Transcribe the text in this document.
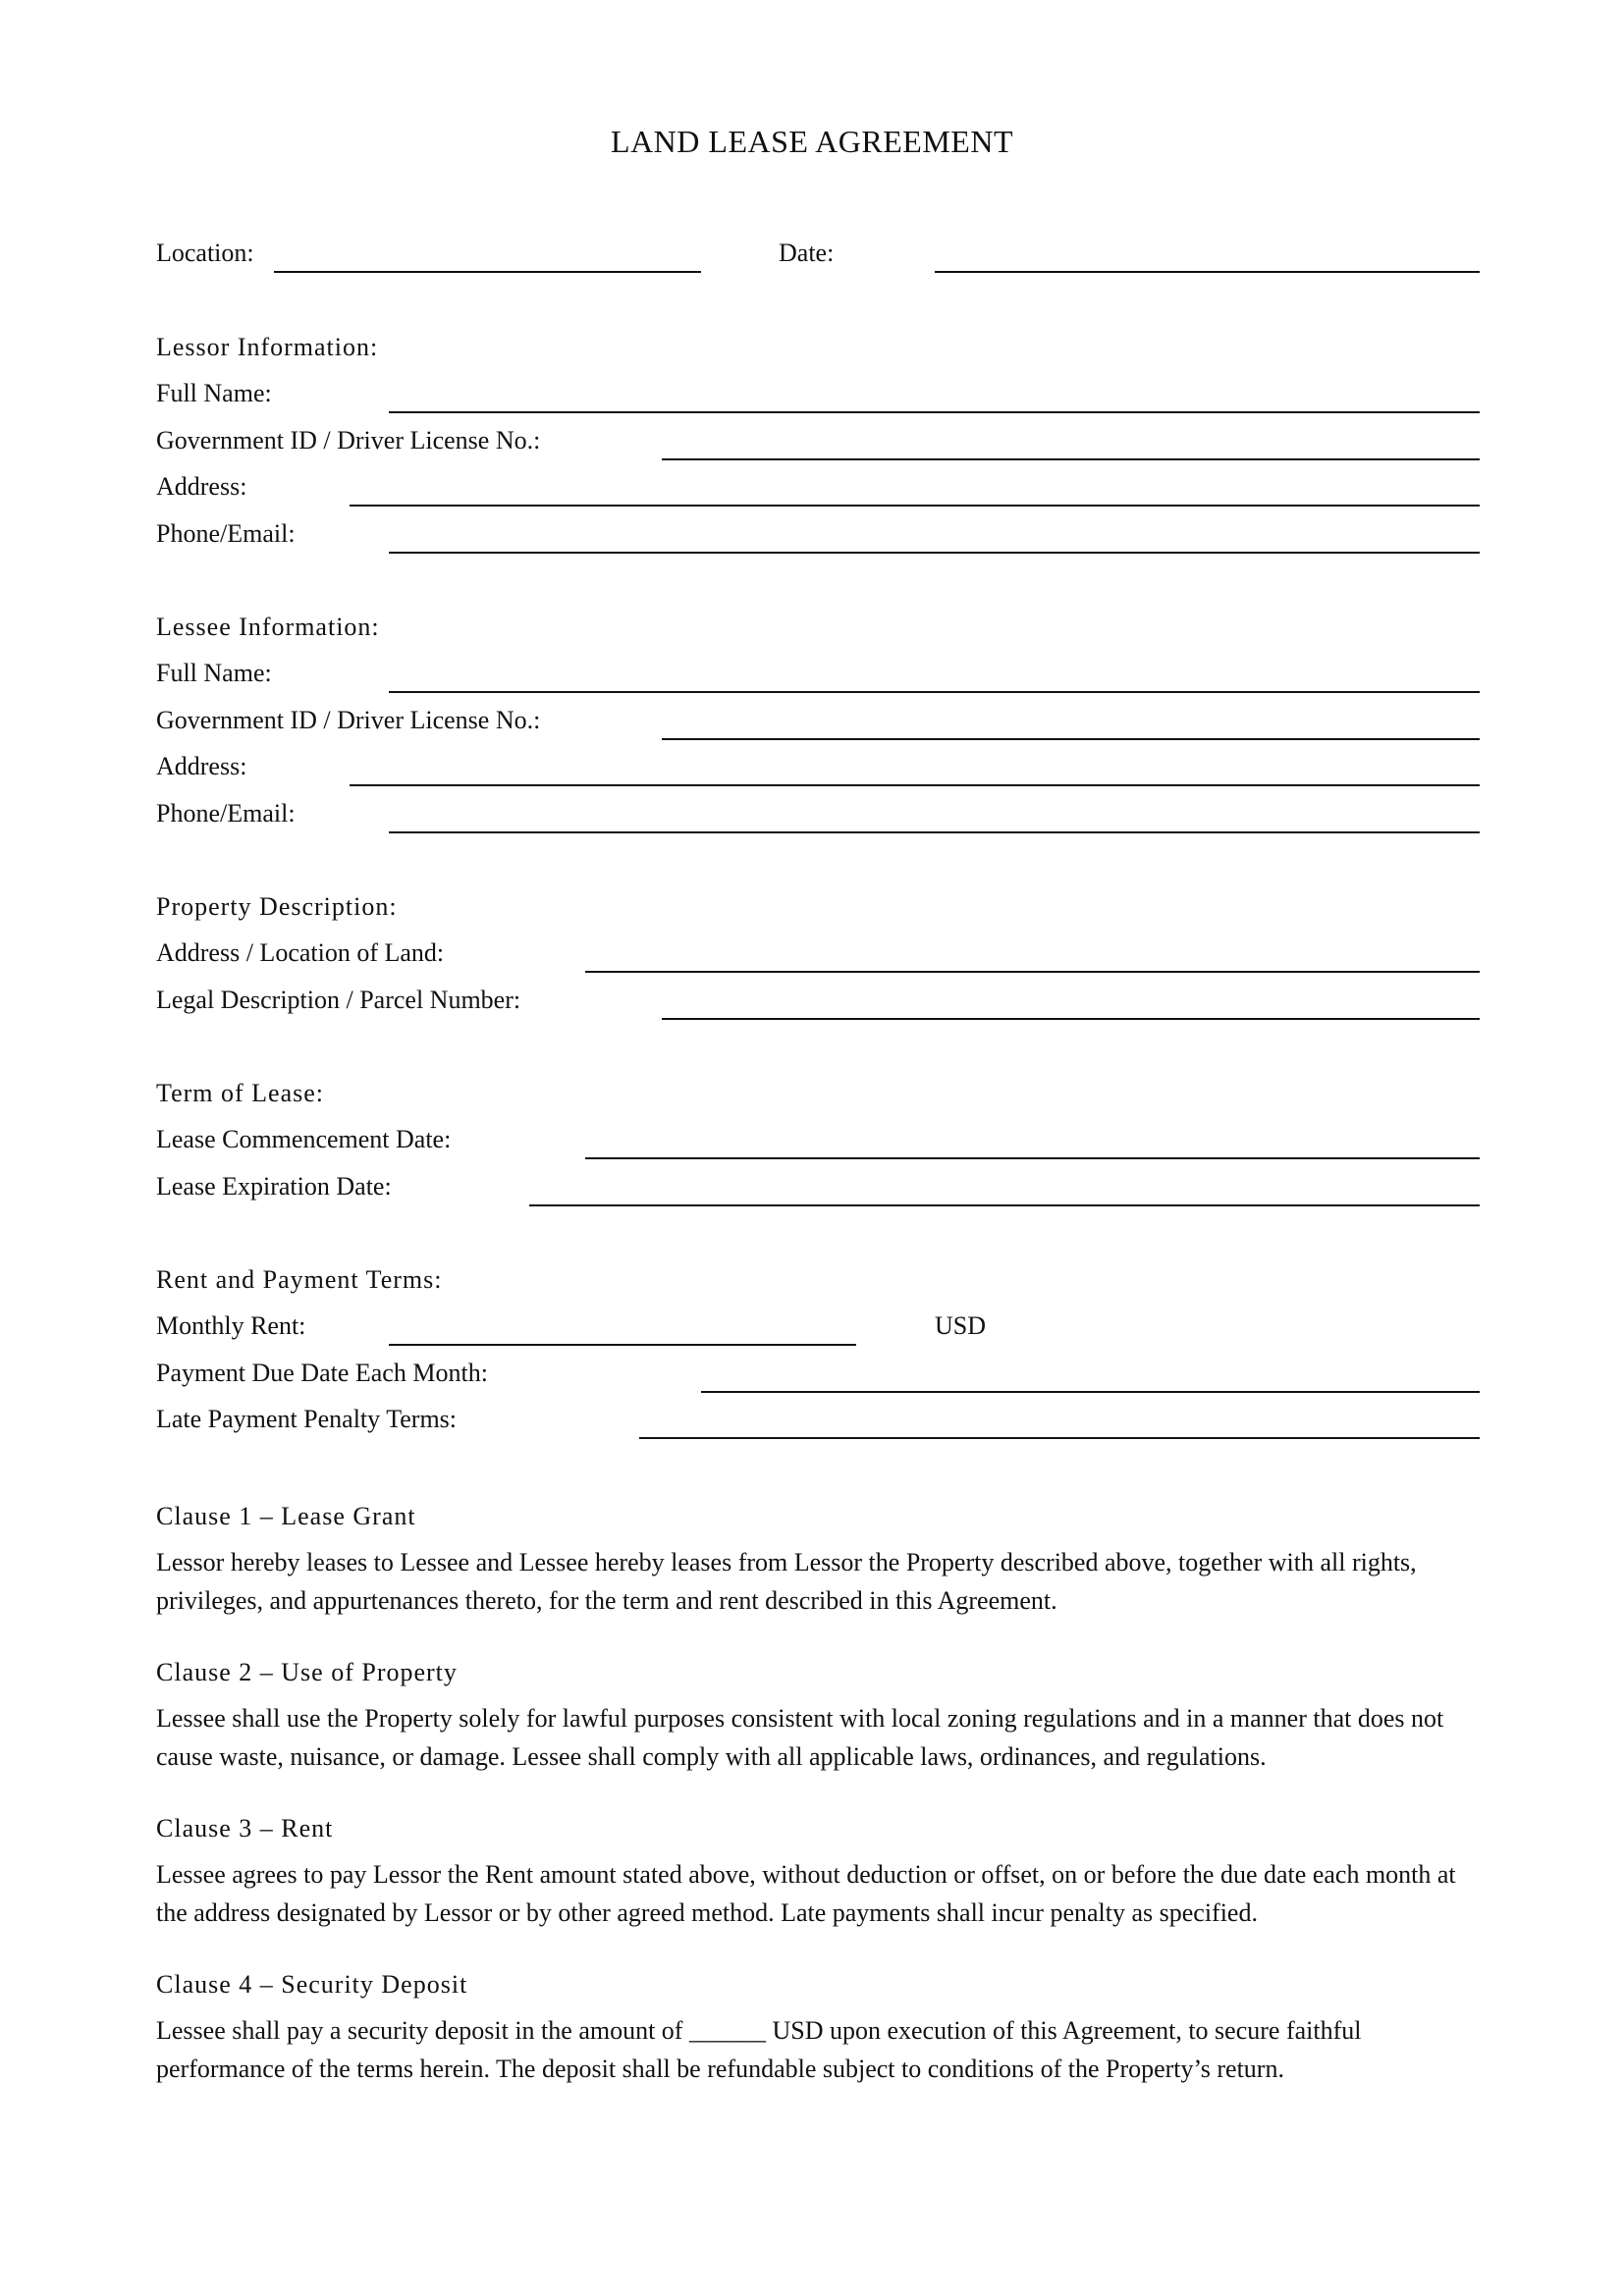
LAND LEASE AGREEMENT
Location:	Date:
Lessor Information:
Full Name:
Government ID / Driver License No.:
Address:
Phone/Email:
Lessee Information:
Full Name:
Government ID / Driver License No.:
Address:
Phone/Email:
Property Description:
Address / Location of Land:
Legal Description / Parcel Number:
Term of Lease:
Lease Commencement Date:
Lease Expiration Date:
Rent and Payment Terms:
Monthly Rent:	USD
Payment Due Date Each Month:
Late Payment Penalty Terms:
Clause 1 – Lease Grant
Lessor hereby leases to Lessee and Lessee hereby leases from Lessor the Property described above, together with all rights, privileges, and appurtenances thereto, for the term and rent described in this Agreement.
Clause 2 – Use of Property
Lessee shall use the Property solely for lawful purposes consistent with local zoning regulations and in a manner that does not cause waste, nuisance, or damage. Lessee shall comply with all applicable laws, ordinances, and regulations.
Clause 3 – Rent
Lessee agrees to pay Lessor the Rent amount stated above, without deduction or offset, on or before the due date each month at the address designated by Lessor or by other agreed method. Late payments shall incur penalty as specified.
Clause 4 – Security Deposit
Lessee shall pay a security deposit in the amount of ______ USD upon execution of this Agreement, to secure faithful performance of the terms herein. The deposit shall be refundable subject to conditions of the Property’s return.
